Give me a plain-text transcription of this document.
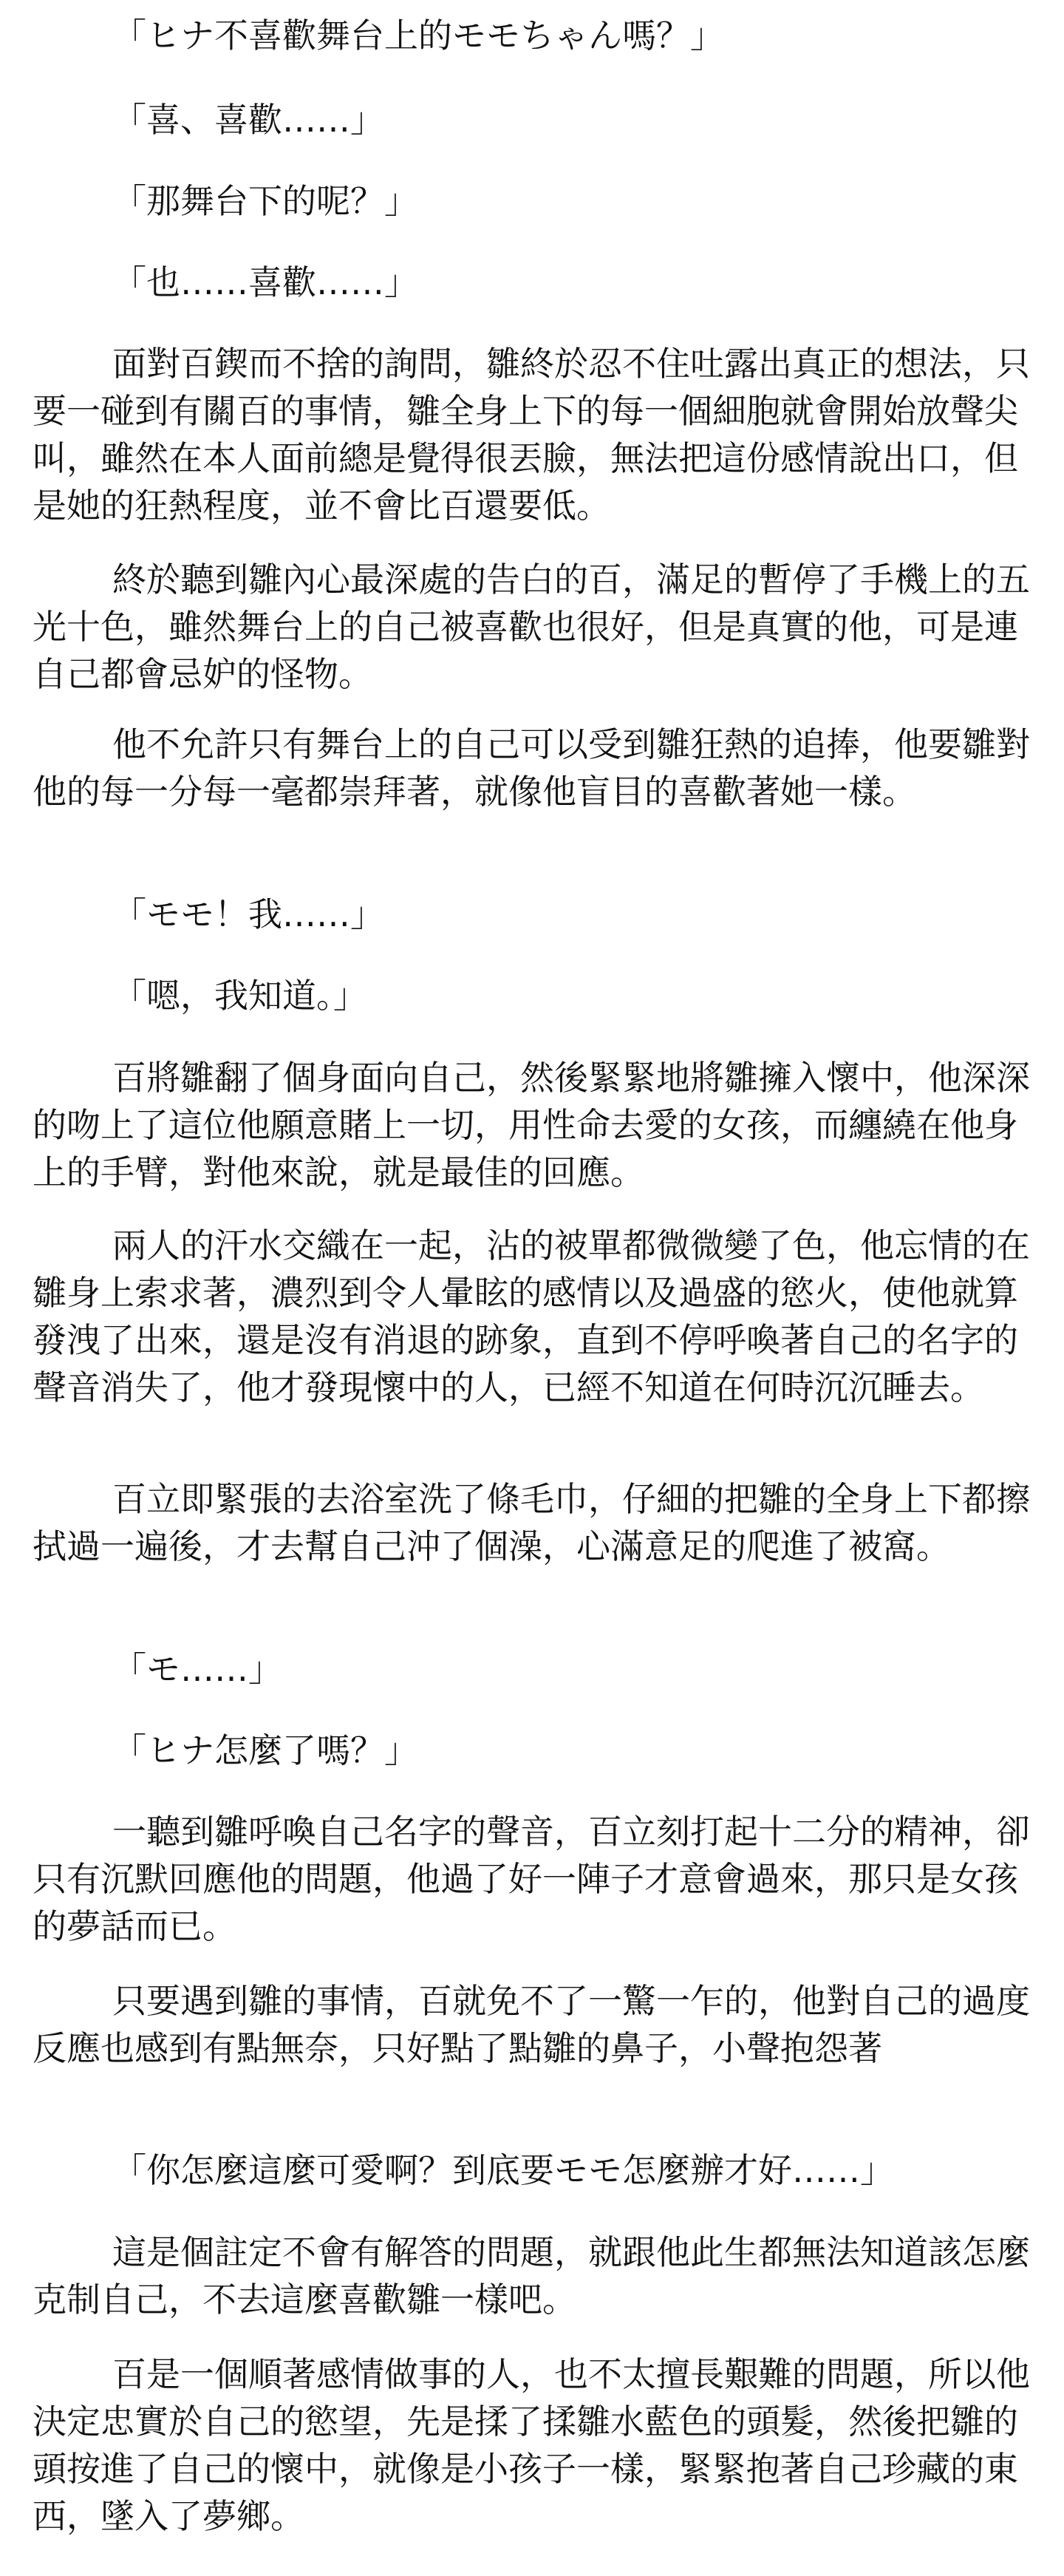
「ヒナ不喜歡舞台上的モモちゃん嗎？」

「喜、喜歡……」

「那舞台下的呢？」

「也……喜歡……」

面對百鍥而不捨的詢問，雛終於忍不住吐露出真正的想法，只要一碰到有關百的事情，雛全身上下的每一個細胞就會開始放聲尖叫，雖然在本人面前總是覺得很丟臉，無法把這份感情說出口，但是她的狂熱程度，並不會比百還要低。

終於聽到雛內心最深處的告白的百，滿足的暫停了手機上的五光十色，雖然舞台上的自己被喜歡也很好，但是真實的他，可是連自己都會忌妒的怪物。

他不允許只有舞台上的自己可以受到雛狂熱的追捧，他要雛對他的每一分每一毫都崇拜著，就像他盲目的喜歡著她一樣。

「モモ！我……」

「嗯，我知道。」

百將雛翻了個身面向自己，然後緊緊地將雛擁入懷中，他深深的吻上了這位他願意賭上一切，用性命去愛的女孩，而纏繞在他身上的手臂，對他來說，就是最佳的回應。

兩人的汗水交織在一起，沾的被單都微微變了色，他忘情的在雛身上索求著，濃烈到令人暈眩的感情以及過盛的慾火，使他就算發洩了出來，還是沒有消退的跡象，直到不停呼喚著自己的名字的聲音消失了，他才發現懷中的人，已經不知道在何時沉沉睡去。

百立即緊張的去浴室洗了條毛巾，仔細的把雛的全身上下都擦拭過一遍後，才去幫自己沖了個澡，心滿意足的爬進了被窩。

「モ……」

「ヒナ怎麼了嗎？」

一聽到雛呼喚自己名字的聲音，百立刻打起十二分的精神，卻只有沉默回應他的問題，他過了好一陣子才意會過來，那只是女孩的夢話而已。

只要遇到雛的事情，百就免不了一驚一乍的，他對自己的過度反應也感到有點無奈，只好點了點雛的鼻子，小聲抱怨著

「你怎麼這麼可愛啊？到底要モモ怎麼辦才好……」

這是個註定不會有解答的問題，就跟他此生都無法知道該怎麼克制自己，不去這麼喜歡雛一樣吧。

百是一個順著感情做事的人，也不太擅長艱難的問題，所以他決定忠實於自己的慾望，先是揉了揉雛水藍色的頭髮，然後把雛的頭按進了自己的懷中，就像是小孩子一樣，緊緊抱著自己珍藏的東西，墜入了夢鄉。
